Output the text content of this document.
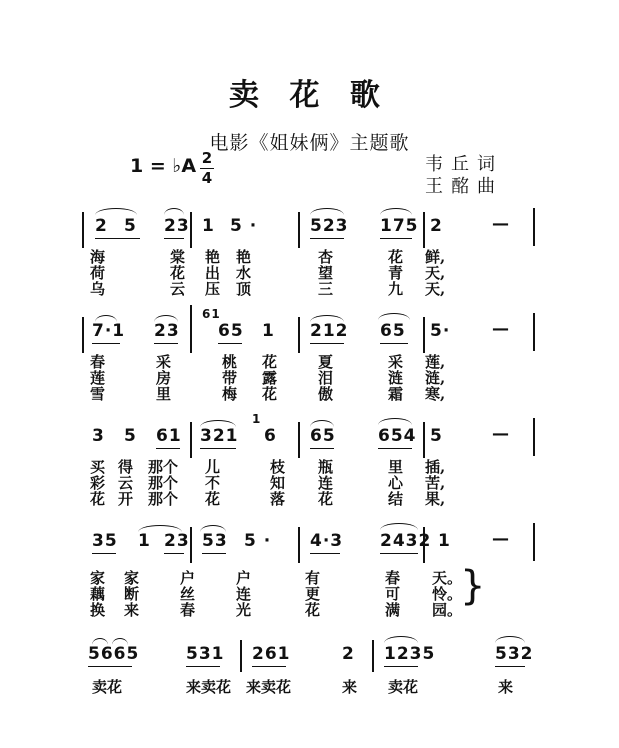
卖 花 歌
电影《姐妹俩》主题歌
1 = ♭A 2
4
韦丘词
王酩曲
2 5 23 1 5 ·	523 175 2	—
海	棠 艳 艳	杏	花 鲜,
荷	花 出 水	望	青 天,
乌	云 压 顶	三	九 天,
61
7·1 23 65 1 212 65 5· —
春	采	桃 花	夏	采 莲,
莲	房	带 露	泪	涟 涟,
雪	里	梅 花	傲	霜 寒,
1
3 5 61 321 6 65 654 5	—
买 得 那个 儿	枝 瓶	里 插,
彩 云 那个 不	知 连	心 苦,
花 开 那个 花	落 花	结 果,
35 1 23 53 5 · 4·3 2432 1 —
}
家 家	户	户	有	春 天。
藕 断	丝	连	更	可 怜。
换 来	春	光	花	满 园。
5665	531 261	2 1235	532
卖花	来卖花 来卖花	来 卖花	来
